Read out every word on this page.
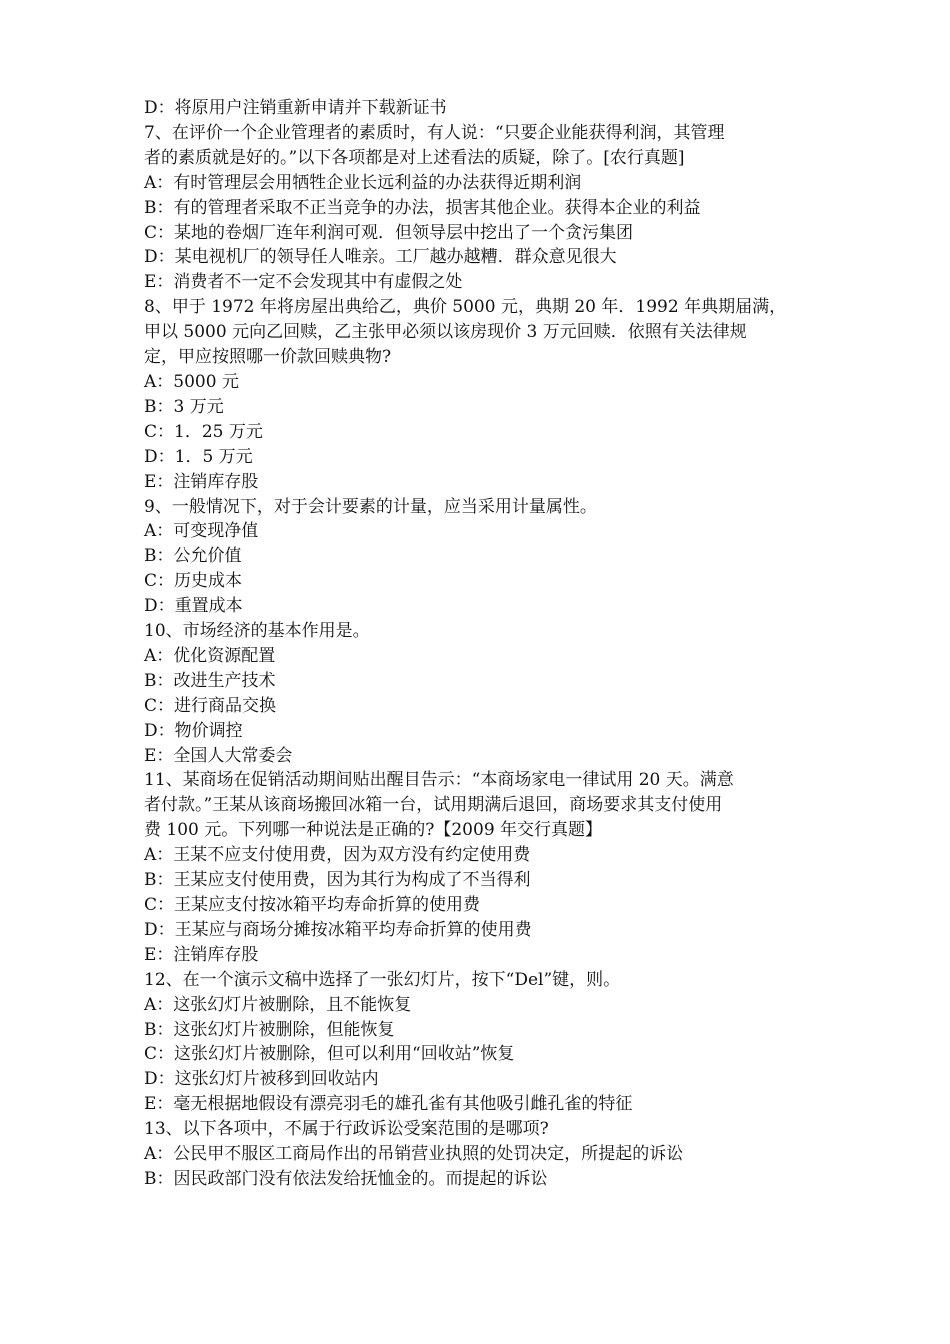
D：将原用户注销重新申请并下载新证书
7、在评价一个企业管理者的素质时，有人说：“只要企业能获得利润，其管理
者的素质就是好的。”以下各项都是对上述看法的质疑，除了。[农行真题]
A：有时管理层会用牺牲企业长远利益的办法获得近期利润
B：有的管理者采取不正当竞争的办法，损害其他企业。获得本企业的利益
C：某地的卷烟厂连年利润可观．但领导层中挖出了一个贪污集团
D：某电视机厂的领导任人唯亲。工厂越办越糟．群众意见很大
E：消费者不一定不会发现其中有虚假之处
8、甲于 1972 年将房屋出典给乙，典价 5000 元，典期 20 年．1992 年典期届满，
甲以 5000 元向乙回赎，乙主张甲必须以该房现价 3 万元回赎．依照有关法律规
定，甲应按照哪一价款回赎典物?
A：5000 元
B：3 万元
C：1．25 万元
D：1．5 万元
E：注销库存股
9、一般情况下，对于会计要素的计量，应当采用计量属性。
A：可变现净值
B：公允价值
C：历史成本
D：重置成本
10、市场经济的基本作用是。
A：优化资源配置
B：改进生产技术
C：进行商品交换
D：物价调控
E：全国人大常委会
11、某商场在促销活动期间贴出醒目告示：“本商场家电一律试用 20 天。满意
者付款。”王某从该商场搬回冰箱一台，试用期满后退回，商场要求其支付使用
费 100 元。下列哪一种说法是正确的?【2009 年交行真题】
A：王某不应支付使用费，因为双方没有约定使用费
B：王某应支付使用费，因为其行为构成了不当得利
C：王某应支付按冰箱平均寿命折算的使用费
D：王某应与商场分摊按冰箱平均寿命折算的使用费
E：注销库存股
12、在一个演示文稿中选择了一张幻灯片，按下“Del”键，则。
A：这张幻灯片被删除，且不能恢复
B：这张幻灯片被删除，但能恢复
C：这张幻灯片被删除，但可以利用“回收站”恢复
D：这张幻灯片被移到回收站内
E：毫无根据地假设有漂亮羽毛的雄孔雀有其他吸引雌孔雀的特征
13、以下各项中，不属于行政诉讼受案范围的是哪项?
A：公民甲不服区工商局作出的吊销营业执照的处罚决定，所提起的诉讼
B：因民政部门没有依法发给抚恤金的。而提起的诉讼
